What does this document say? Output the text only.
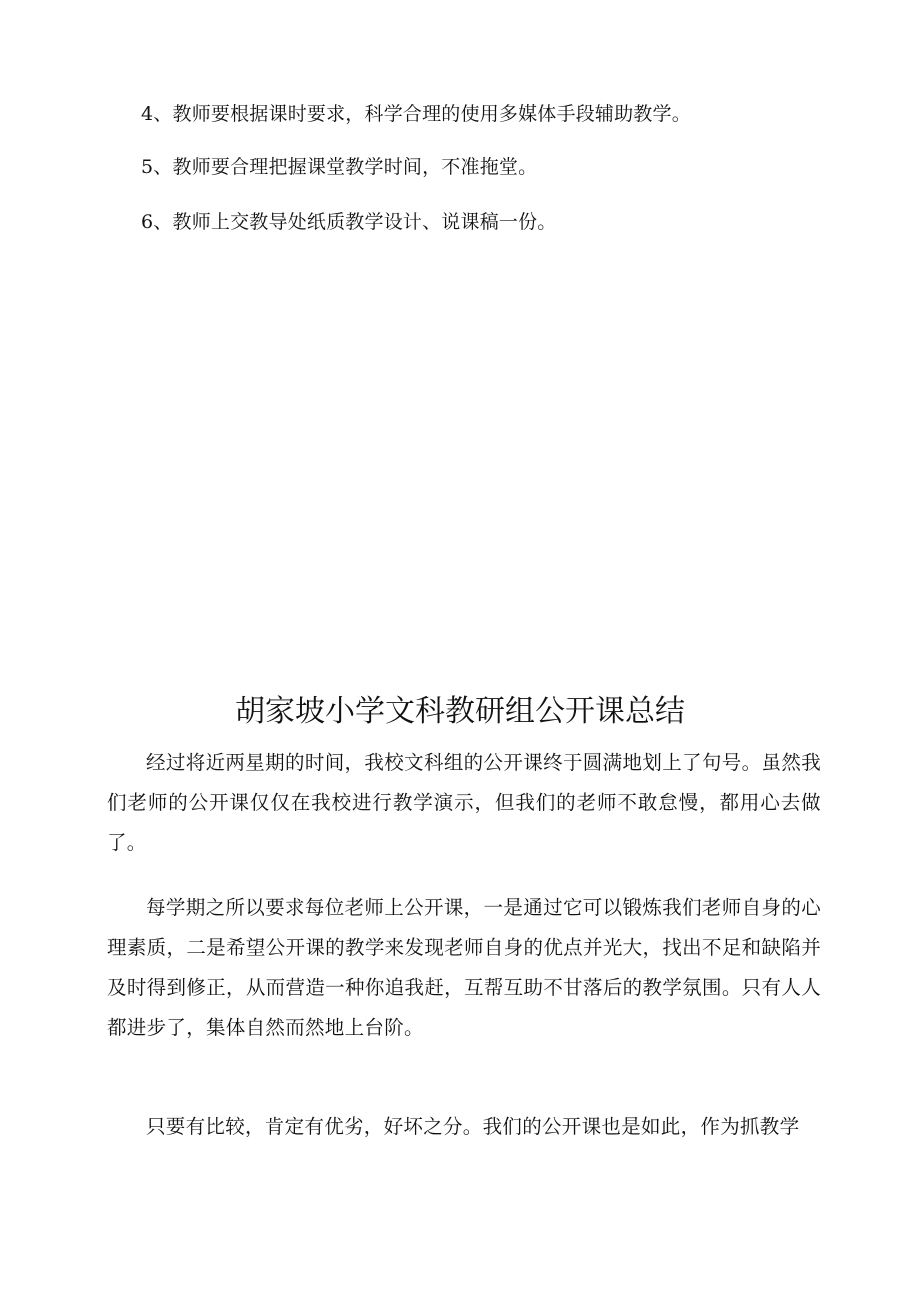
4、教师要根据课时要求，科学合理的使用多媒体手段辅助教学。
5、教师要合理把握课堂教学时间，不准拖堂。
6、教师上交教导处纸质教学设计、说课稿一份。
胡家坡小学文科教研组公开课总结

经过将近两星期的时间，我校文科组的公开课终于圆满地划上了句号。虽然我们老师的公开课仅仅在我校进行教学演示，但我们的老师不敢怠慢，都用心去做了。

每学期之所以要求每位老师上公开课，一是通过它可以锻炼我们老师自身的心理素质，二是希望公开课的教学来发现老师自身的优点并光大，找出不足和缺陷并及时得到修正，从而营造一种你追我赶，互帮互助不甘落后的教学氛围。只有人人都进步了，集体自然而然地上台阶。

只要有比较，肯定有优劣，好坏之分。我们的公开课也是如此，作为抓教学
